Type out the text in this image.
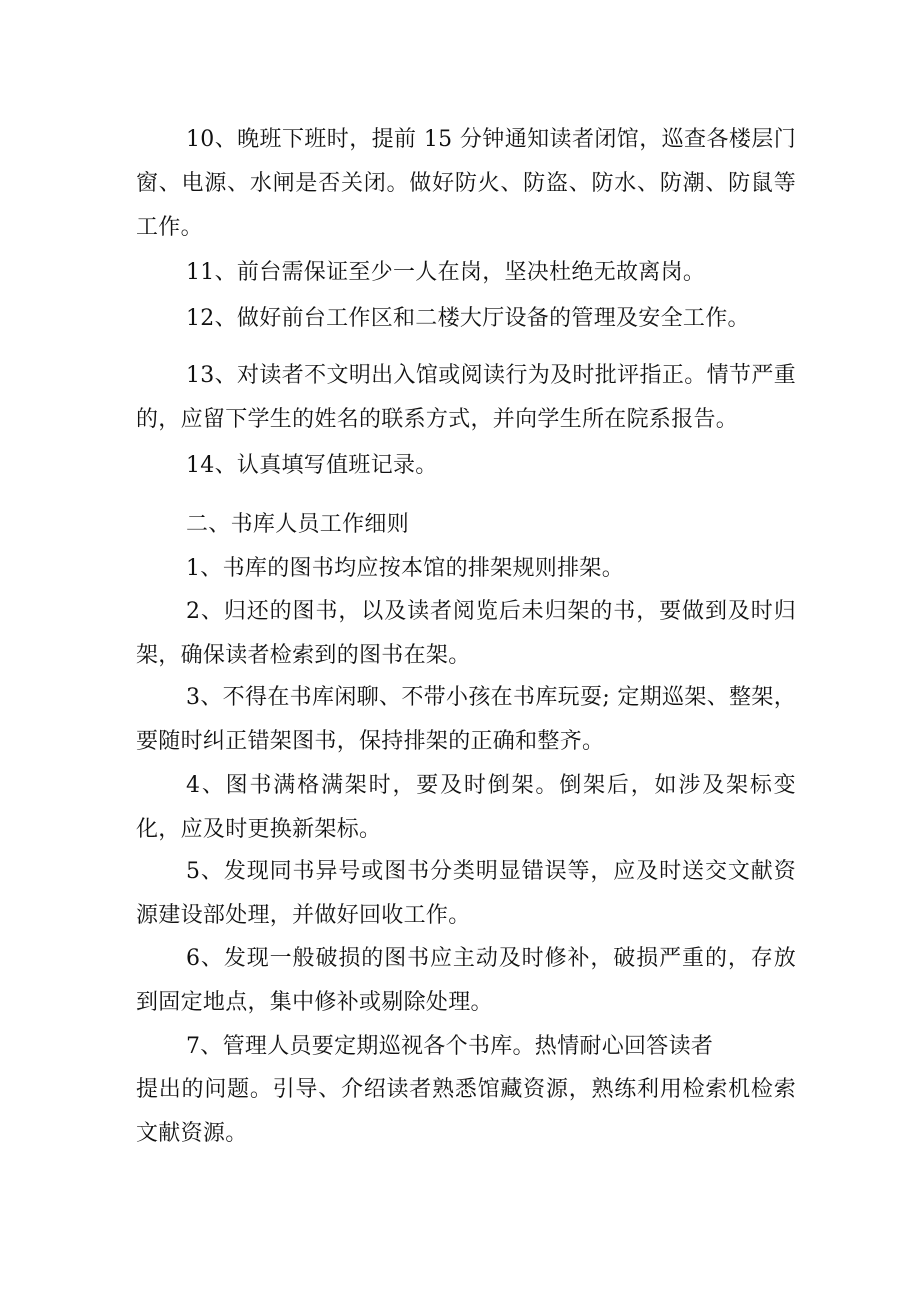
10、晚班下班时，提前 15 分钟通知读者闭馆，巡查各楼层门窗、电源、水闸是否关闭。做好防火、防盗、防水、防潮、防鼠等工作。

11、前台需保证至少一人在岗，坚决杜绝无故离岗。

12、做好前台工作区和二楼大厅设备的管理及安全工作。

13、对读者不文明出入馆或阅读行为及时批评指正。情节严重的，应留下学生的姓名的联系方式，并向学生所在院系报告。

14、认真填写值班记录。

二、书库人员工作细则

1、书库的图书均应按本馆的排架规则排架。

2、归还的图书，以及读者阅览后未归架的书，要做到及时归架，确保读者检索到的图书在架。

3、不得在书库闲聊、不带小孩在书库玩耍; 定期巡架、整架，要随时纠正错架图书，保持排架的正确和整齐。

4、图书满格满架时，要及时倒架。倒架后，如涉及架标变化，应及时更换新架标。

5、发现同书异号或图书分类明显错误等，应及时送交文献资源建设部处理，并做好回收工作。

6、发现一般破损的图书应主动及时修补，破损严重的，存放到固定地点，集中修补或剔除处理。

7、管理人员要定期巡视各个书库。热情耐心回答读者

提出的问题。引导、介绍读者熟悉馆藏资源，熟练利用检索机检索文献资源。
